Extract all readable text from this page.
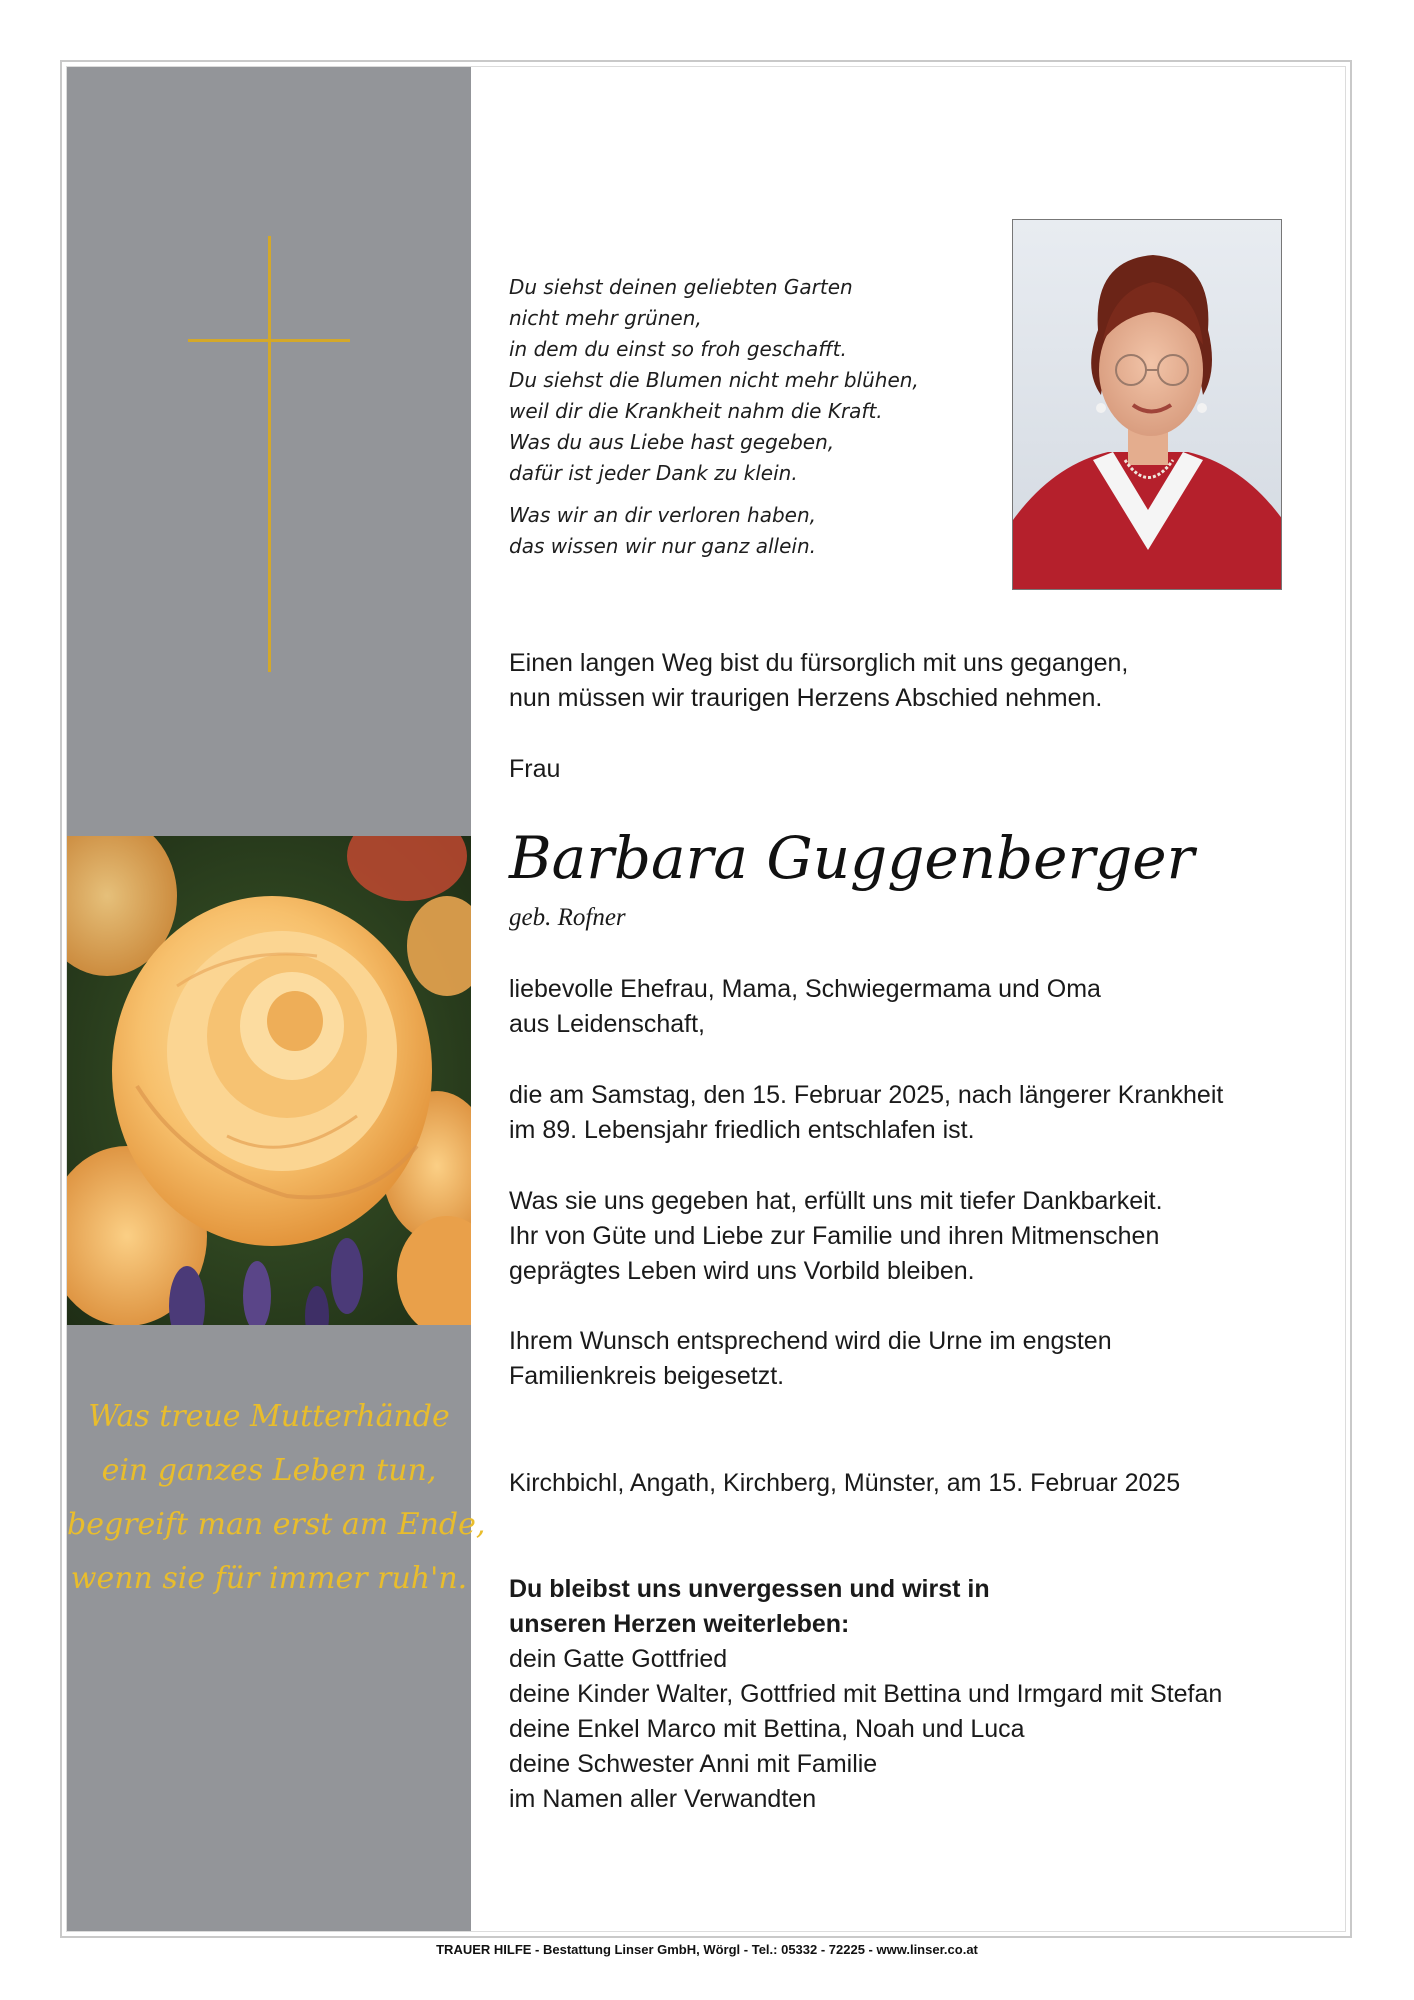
Was treue Mutterhände
ein ganzes Leben tun,
begreift man erst am Ende,
wenn sie für immer ruh'n.
Du siehst deinen geliebten Garten
nicht mehr grünen,
in dem du einst so froh geschafft.
Du siehst die Blumen nicht mehr blühen,
weil dir die Krankheit nahm die Kraft.
Was du aus Liebe hast gegeben,
dafür ist jeder Dank zu klein.
Was wir an dir verloren haben,
das wissen wir nur ganz allein.
Einen langen Weg bist du fürsorglich mit uns gegangen,
nun müssen wir traurigen Herzens Abschied nehmen.
Frau
Barbara Guggenberger
geb. Rofner
liebevolle Ehefrau, Mama, Schwiegermama und Oma
aus Leidenschaft,
die am Samstag, den 15. Februar 2025, nach längerer Krankheit
im 89. Lebensjahr friedlich entschlafen ist.
Was sie uns gegeben hat, erfüllt uns mit tiefer Dankbarkeit.
Ihr von Güte und Liebe zur Familie und ihren Mitmenschen
geprägtes Leben wird uns Vorbild bleiben.
Ihrem Wunsch entsprechend wird die Urne im engsten
Familienkreis beigesetzt.
Kirchbichl, Angath, Kirchberg, Münster, am 15. Februar 2025
Du bleibst uns unvergessen und wirst in
unseren Herzen weiterleben:
dein Gatte Gottfried
deine Kinder Walter, Gottfried mit Bettina und Irmgard mit Stefan
deine Enkel Marco mit Bettina, Noah und Luca
deine Schwester Anni mit Familie
im Namen aller Verwandten
TRAUER HILFE - Bestattung Linser GmbH, Wörgl - Tel.: 05332 - 72225 - www.linser.co.at
